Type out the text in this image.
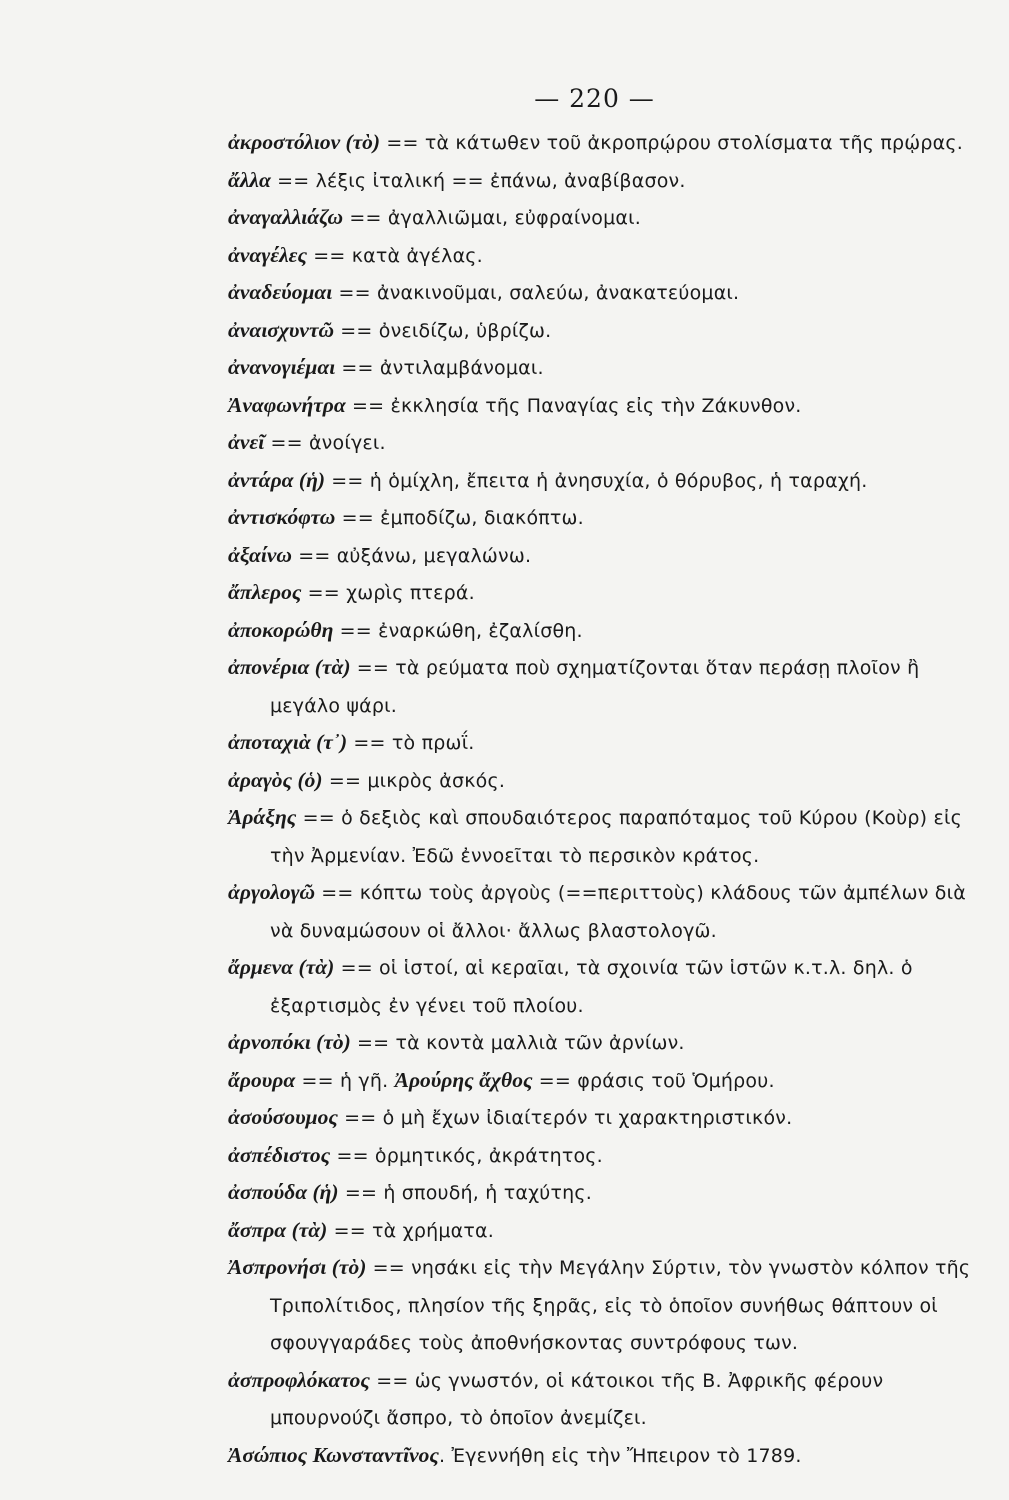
— 220 —

ἀκροστόλιον (τὸ) == τὰ κάτωθεν τοῦ ἀκροπρῴρου στολίσματα τῆς πρῴρας.

ἄλλα == λέξις ἰταλική == ἐπάνω, ἀναβίβασον.

ἀναγαλλιάζω == ἀγαλλιῶμαι, εὐφραίνομαι.

ἀναγέλες == κατὰ ἀγέλας.

ἀναδεύομαι == ἀνακινοῦμαι, σαλεύω, ἀνακατεύομαι.

ἀναισχυντῶ == ὀνειδίζω, ὑβρίζω.

ἀνανογιέμαι == ἀντιλαμβάνομαι.

Ἀναφωνήτρα == ἐκκλησία τῆς Παναγίας εἰς τὴν Ζάκυνθον.

ἀνεῖ == ἀνοίγει.

ἀντάρα (ἡ) == ἡ ὁμίχλη, ἔπειτα ἡ ἀνησυχία, ὁ θόρυβος, ἡ ταραχή.

ἀντισκόφτω == ἐμποδίζω, διακόπτω.

ἀξαίνω == αὐξάνω, μεγαλώνω.

ἄπλερος == χωρὶς πτερά.

ἀποκορώθη == ἐναρκώθη, ἐζαλίσθη.

ἀπονέρια (τὰ) == τὰ ρεύματα ποὺ σχηματίζονται ὅταν περάσῃ πλοῖον ἢ μεγάλο ψάρι.

ἀποταχιὰ (τ᾽) == τὸ πρωΐ.

ἀραγὸς (ὁ) == μικρὸς ἀσκός.

Ἀράξης == ὁ δεξιὸς καὶ σπουδαιότερος παραπόταμος τοῦ Κύρου (Κοὺρ) εἰς τὴν Ἀρμενίαν. Ἐδῶ ἐννοεῖται τὸ περσικὸν κράτος.

ἀργολογῶ == κόπτω τοὺς ἀργοὺς (==περιττοὺς) κλάδους τῶν ἀμπέλων διὰ νὰ δυναμώσουν οἱ ἄλλοι· ἄλλως βλαστολογῶ.

ἄρμενα (τὰ) == οἱ ἱστοί, αἱ κεραῖαι, τὰ σχοινία τῶν ἱστῶν κ.τ.λ. δηλ. ὁ ἐξαρτισμὸς ἐν γένει τοῦ πλοίου.

ἀρνοπόκι (τὸ) == τὰ κοντὰ μαλλιὰ τῶν ἀρνίων.

ἄρουρα == ἡ γῆ. Ἀρούρης ἄχθος == φράσις τοῦ Ὁμήρου.

ἀσούσουμος == ὁ μὴ ἔχων ἰδιαίτερόν τι χαρακτηριστικόν.

ἀσπέδιστος == ὁρμητικός, ἀκράτητος.

ἀσπούδα (ἡ) == ἡ σπουδή, ἡ ταχύτης.

ἄσπρα (τὰ) == τὰ χρήματα.

Ἀσπρονήσι (τὸ) == νησάκι εἰς τὴν Μεγάλην Σύρτιν, τὸν γνωστὸν κόλπον τῆς Τριπολίτιδος, πλησίον τῆς ξηρᾶς, εἰς τὸ ὁποῖον συνήθως θάπτουν οἱ σφουγγαράδες τοὺς ἀποθνήσκοντας συντρόφους των.

ἀσπροφλόκατος == ὡς γνωστόν, οἱ κάτοικοι τῆς Β. Ἀφρικῆς φέρουν μπουρνούζι ἄσπρο, τὸ ὁποῖον ἀνεμίζει.

Ἀσώπιος Κωνσταντῖνος. Ἐγεννήθη εἰς τὴν Ἤπειρον τὸ 1789.
